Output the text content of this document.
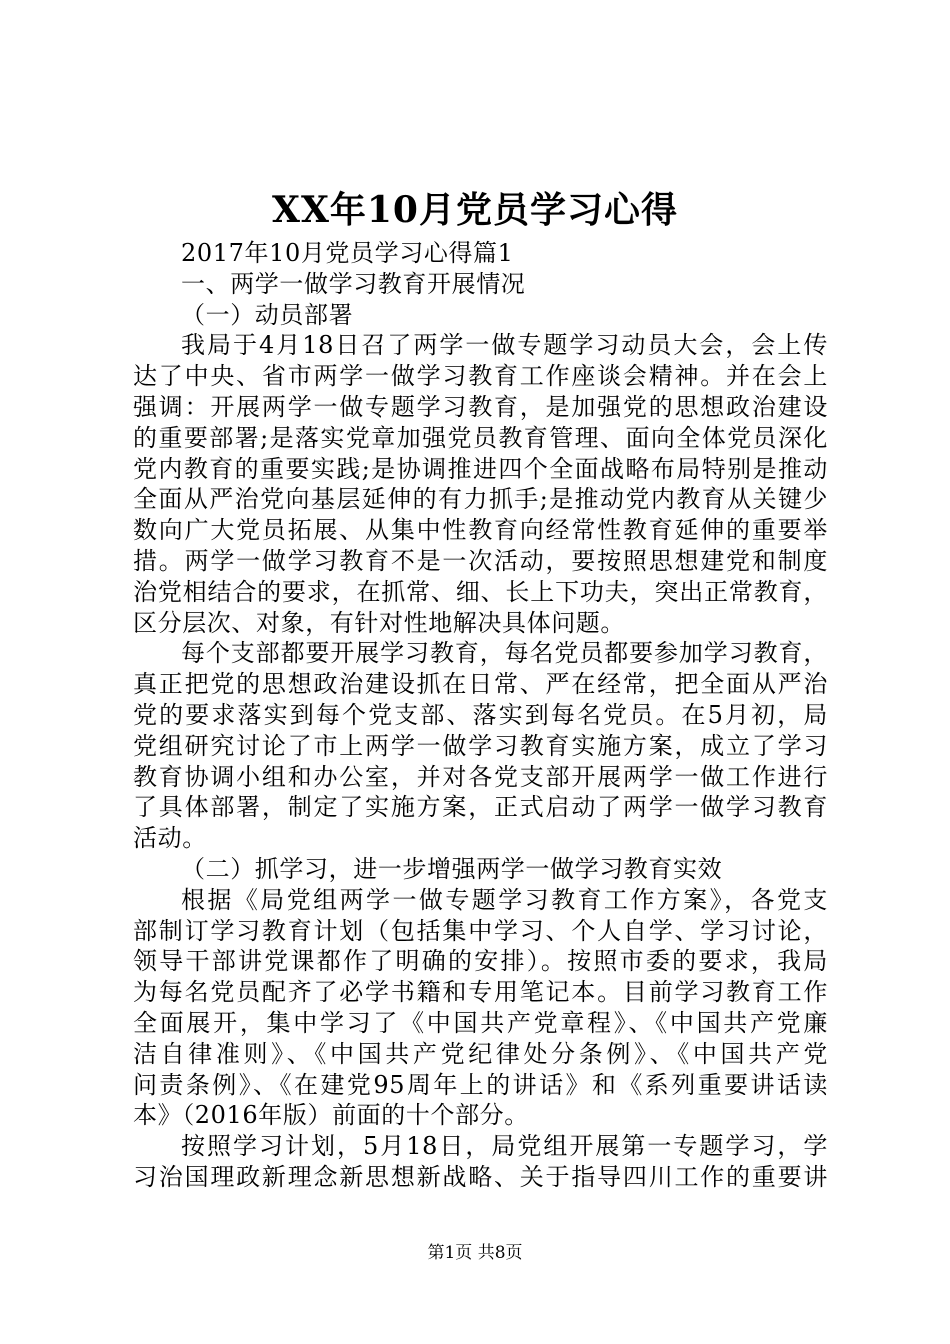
XX年10月党员学习心得
2017年10月党员学习心得篇1
一、两学一做学习教育开展情况
（一）动员部署
我局于4月18日召了两学一做专题学习动员大会，会上传
达了中央、省市两学一做学习教育工作座谈会精神。并在会上
强调：开展两学一做专题学习教育，是加强党的思想政治建设
的重要部署;是落实党章加强党员教育管理、面向全体党员深化
党内教育的重要实践;是协调推进四个全面战略布局特别是推动
全面从严治党向基层延伸的有力抓手;是推动党内教育从关键少
数向广大党员拓展、从集中性教育向经常性教育延伸的重要举
措。两学一做学习教育不是一次活动，要按照思想建党和制度
治党相结合的要求，在抓常、细、长上下功夫，突出正常教育，
区分层次、对象，有针对性地解决具体问题。
每个支部都要开展学习教育，每名党员都要参加学习教育，
真正把党的思想政治建设抓在日常、严在经常，把全面从严治
党的要求落实到每个党支部、落实到每名党员。在5月初，局
党组研究讨论了市上两学一做学习教育实施方案，成立了学习
教育协调小组和办公室，并对各党支部开展两学一做工作进行
了具体部署，制定了实施方案，正式启动了两学一做学习教育
活动。
（二）抓学习，进一步增强两学一做学习教育实效
根据《局党组两学一做专题学习教育工作方案》，各党支
部制订学习教育计划（包括集中学习、个人自学、学习讨论，
领导干部讲党课都作了明确的安排）。按照市委的要求，我局
为每名党员配齐了必学书籍和专用笔记本。目前学习教育工作
全面展开，集中学习了《中国共产党章程》、《中国共产党廉
洁自律准则》、《中国共产党纪律处分条例》、《中国共产党
问责条例》、《在建党95周年上的讲话》和《系列重要讲话读
本》（2016年版）前面的十个部分。
按照学习计划，5月18日，局党组开展第一专题学习，学
习治国理政新理念新思想新战略、关于指导四川工作的重要讲
第1页 共8页
